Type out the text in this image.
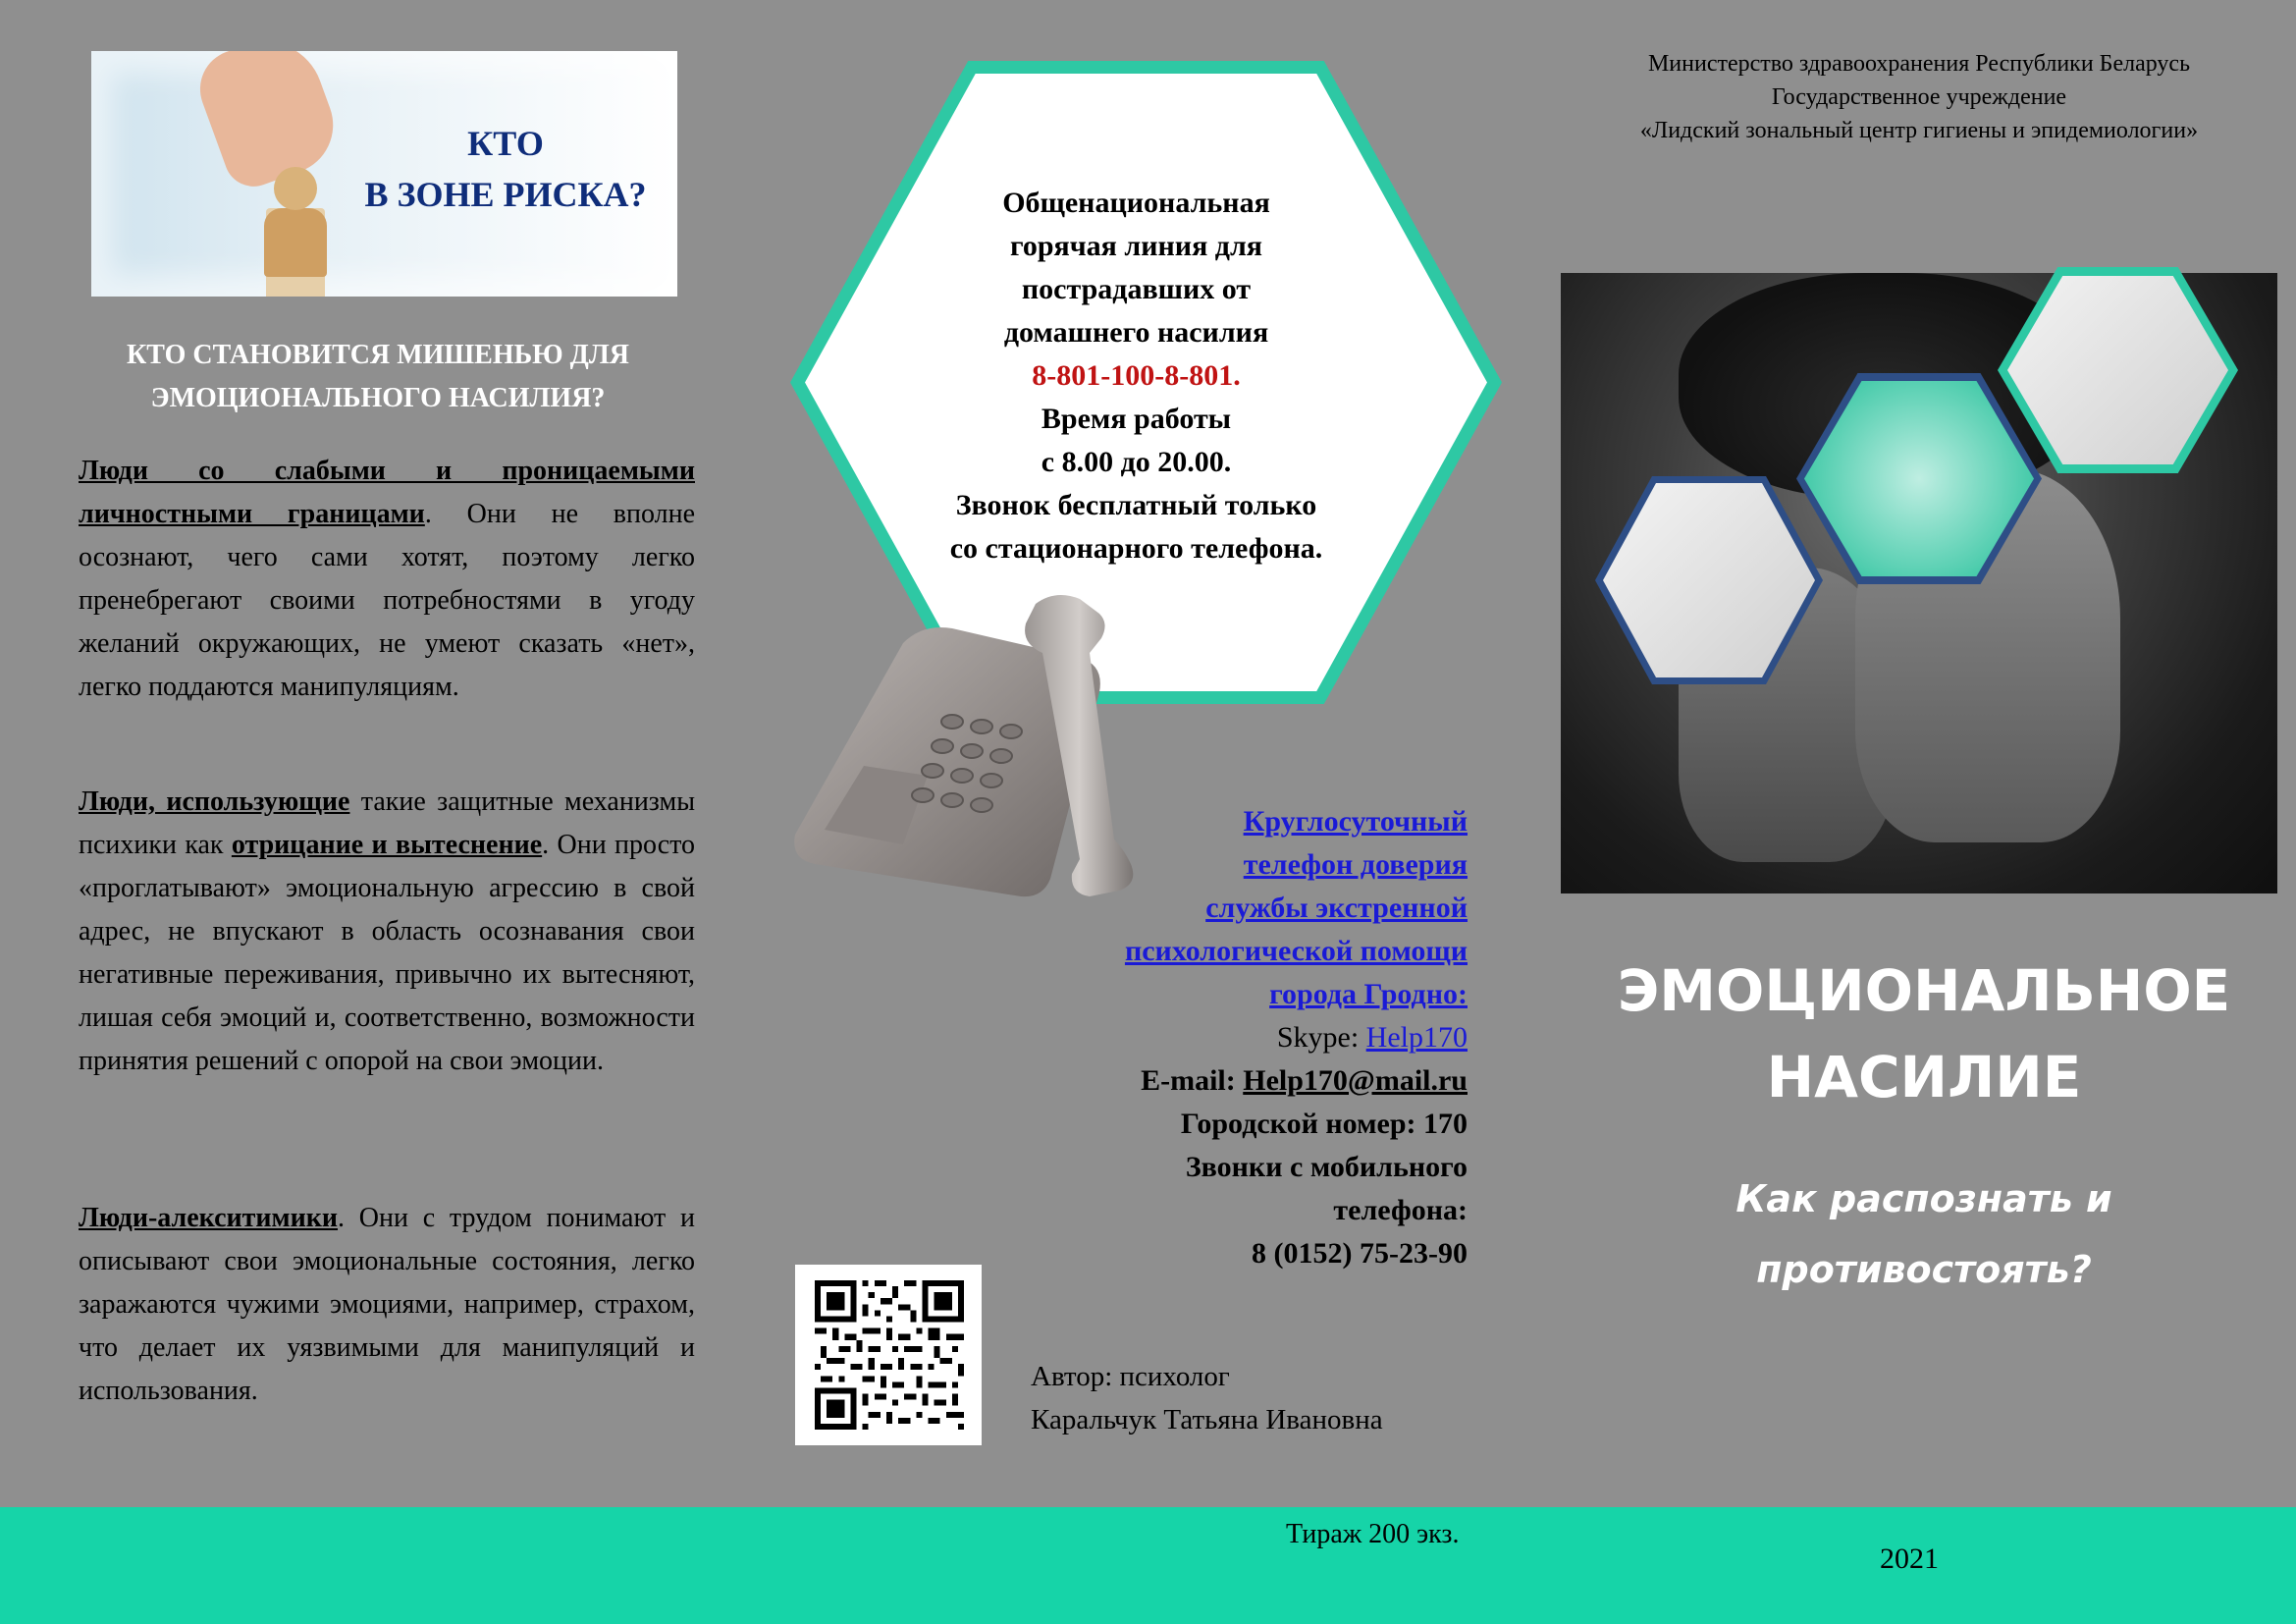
КТО
В ЗОНЕ РИСКА?
КТО СТАНОВИТСЯ МИШЕНЬЮ ДЛЯ
ЭМОЦИОНАЛЬНОГО НАСИЛИЯ?
Люди со слабыми и проницаемыми личностными границами. Они не вполне осознают, чего сами хотят, поэтому легко пренебрегают своими потребностями в угоду желаний окружающих, не умеют сказать «нет», легко поддаются манипуляциям.
Люди, использующие такие защитные механизмы психики как отрицание и вытеснение. Они просто «проглатывают» эмоциональную агрессию в свой адрес, не впускают в область осознавания свои негативные переживания, привычно их вытесняют, лишая себя эмоций и, соответственно, возможности принятия решений с опорой на свои эмоции.
Люди-алекситимики. Они с трудом понимают и описывают свои эмоциональные состояния, легко заражаются чужими эмоциями, например, страхом, что делает их уязвимыми для манипуляций и использования.
Общенациональная
горячая линия для
пострадавших от
домашнего насилия
8-801-100-8-801.
Время работы
с 8.00 до 20.00.
Звонок бесплатный только
со стационарного телефона.
Круглосуточный
телефон доверия
службы экстренной
психологической помощи
города Гродно:
Skype: Help170
E-mail: Help170@mail.ru
Городской номер: 170
Звонки с мобильного
телефона:
8 (0152) 75-23-90
Автор: психолог
Каральчук Татьяна Ивановна
Министерство здравоохранения Республики Беларусь
Государственное учреждение
«Лидский зональный центр гигиены и эпидемиологии»
ЭМОЦИОНАЛЬНОЕ
НАСИЛИЕ
Как распознать и
противостоять?
Тираж 200 экз.
2021
